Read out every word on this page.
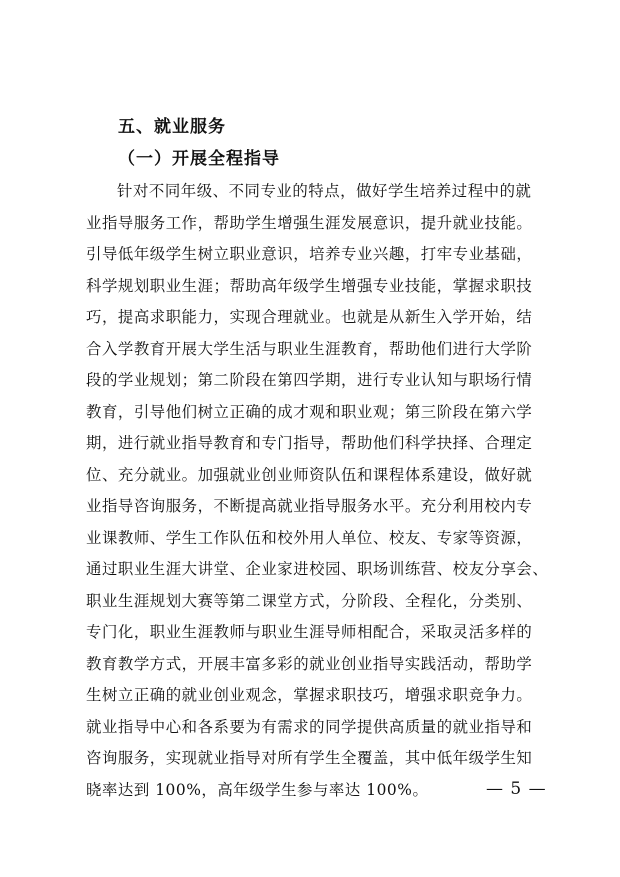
五、就业服务
（一）开展全程指导
针对不同年级、不同专业的特点，做好学生培养过程中的就
业指导服务工作，帮助学生增强生涯发展意识，提升就业技能。
引导低年级学生树立职业意识，培养专业兴趣，打牢专业基础，
科学规划职业生涯；帮助高年级学生增强专业技能，掌握求职技
巧，提高求职能力，实现合理就业。也就是从新生入学开始，结
合入学教育开展大学生活与职业生涯教育，帮助他们进行大学阶
段的学业规划；第二阶段在第四学期，进行专业认知与职场行情
教育，引导他们树立正确的成才观和职业观；第三阶段在第六学
期，进行就业指导教育和专门指导，帮助他们科学抉择、合理定
位、充分就业。加强就业创业师资队伍和课程体系建设，做好就
业指导咨询服务，不断提高就业指导服务水平。充分利用校内专
业课教师、学生工作队伍和校外用人单位、校友、专家等资源，
通过职业生涯大讲堂、企业家进校园、职场训练营、校友分享会、
职业生涯规划大赛等第二课堂方式，分阶段、全程化，分类别、
专门化，职业生涯教师与职业生涯导师相配合，采取灵活多样的
教育教学方式，开展丰富多彩的就业创业指导实践活动，帮助学
生树立正确的就业创业观念，掌握求职技巧，增强求职竞争力。
就业指导中心和各系要为有需求的同学提供高质量的就业指导和
咨询服务，实现就业指导对所有学生全覆盖，其中低年级学生知
晓率达到 100%，高年级学生参与率达 100%。	— 5 —
